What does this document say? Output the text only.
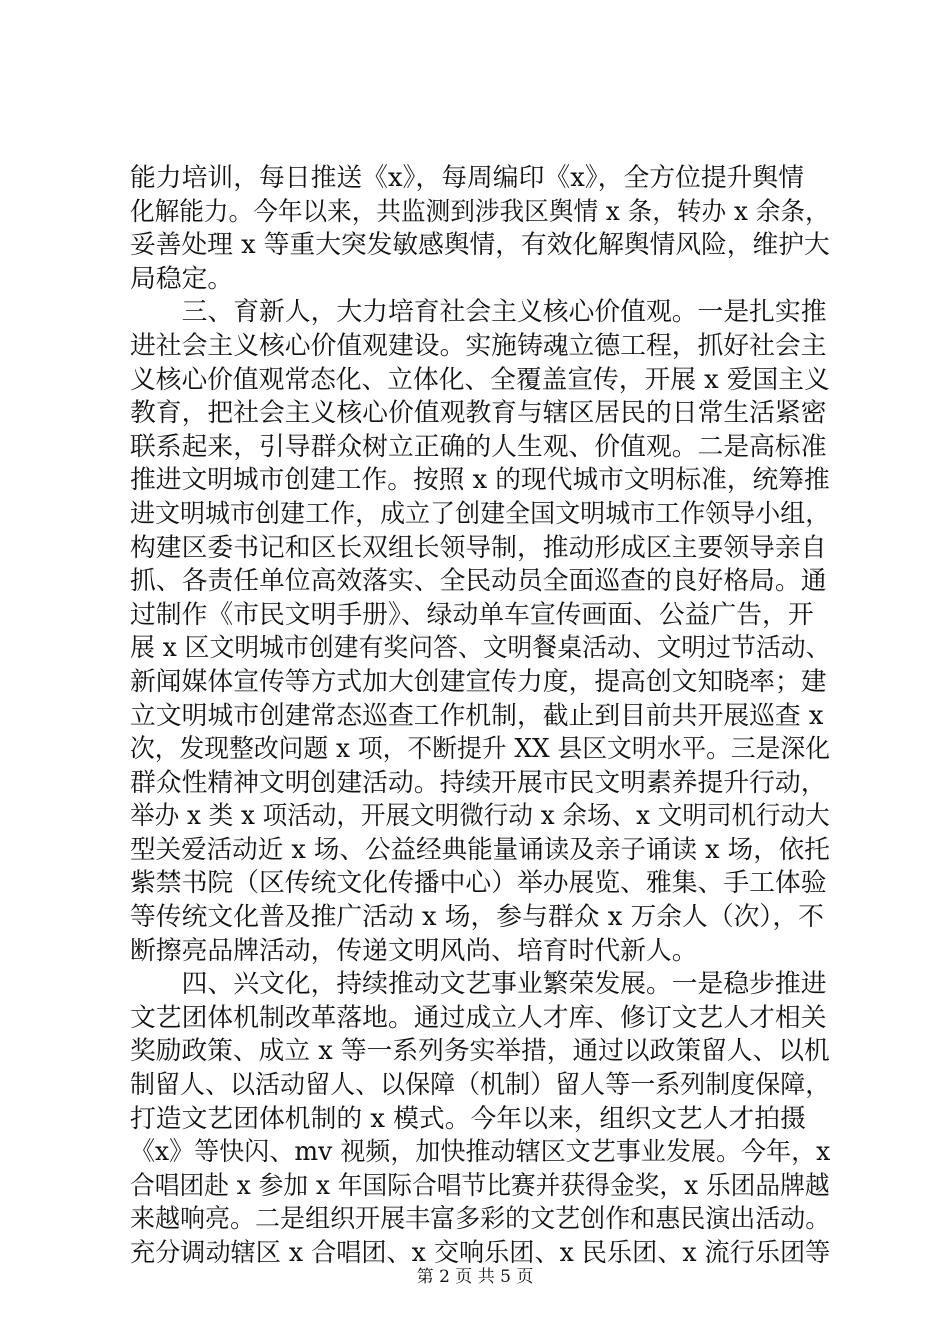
能力培训，每日推送《x》，每周编印《x》，全方位提升舆情
化解能力。今年以来，共监测到涉我区舆情 x 条，转办 x 余条，
妥善处理 x 等重大突发敏感舆情，有效化解舆情风险，维护大
局稳定。
　　三、育新人，大力培育社会主义核心价值观。一是扎实推
进社会主义核心价值观建设。实施铸魂立德工程，抓好社会主
义核心价值观常态化、立体化、全覆盖宣传，开展 x 爱国主义
教育，把社会主义核心价值观教育与辖区居民的日常生活紧密
联系起来，引导群众树立正确的人生观、价值观。二是高标准
推进文明城市创建工作。按照 x 的现代城市文明标准，统筹推
进文明城市创建工作，成立了创建全国文明城市工作领导小组，
构建区委书记和区长双组长领导制，推动形成区主要领导亲自
抓、各责任单位高效落实、全民动员全面巡查的良好格局。通
过制作《市民文明手册》、绿动单车宣传画面、公益广告，开
展 x 区文明城市创建有奖问答、文明餐桌活动、文明过节活动、
新闻媒体宣传等方式加大创建宣传力度，提高创文知晓率；建
立文明城市创建常态巡查工作机制，截止到目前共开展巡查 x
次，发现整改问题 x 项，不断提升 XX 县区文明水平。三是深化
群众性精神文明创建活动。持续开展市民文明素养提升行动，
举办 x 类 x 项活动，开展文明微行动 x 余场、x 文明司机行动大
型关爱活动近 x 场、公益经典能量诵读及亲子诵读 x 场，依托
紫禁书院（区传统文化传播中心）举办展览、雅集、手工体验
等传统文化普及推广活动 x 场，参与群众 x 万余人（次），不
断擦亮品牌活动，传递文明风尚、培育时代新人。
　　四、兴文化，持续推动文艺事业繁荣发展。一是稳步推进
文艺团体机制改革落地。通过成立人才库、修订文艺人才相关
奖励政策、成立 x 等一系列务实举措，通过以政策留人、以机
制留人、以活动留人、以保障（机制）留人等一系列制度保障，
打造文艺团体机制的 x 模式。今年以来，组织文艺人才拍摄
《x》等快闪、mv 视频，加快推动辖区文艺事业发展。今年，x
合唱团赴 x 参加 x 年国际合唱节比赛并获得金奖，x 乐团品牌越
来越响亮。二是组织开展丰富多彩的文艺创作和惠民演出活动。
充分调动辖区 x 合唱团、x 交响乐团、x 民乐团、x 流行乐团等
第 2 页 共 5 页
